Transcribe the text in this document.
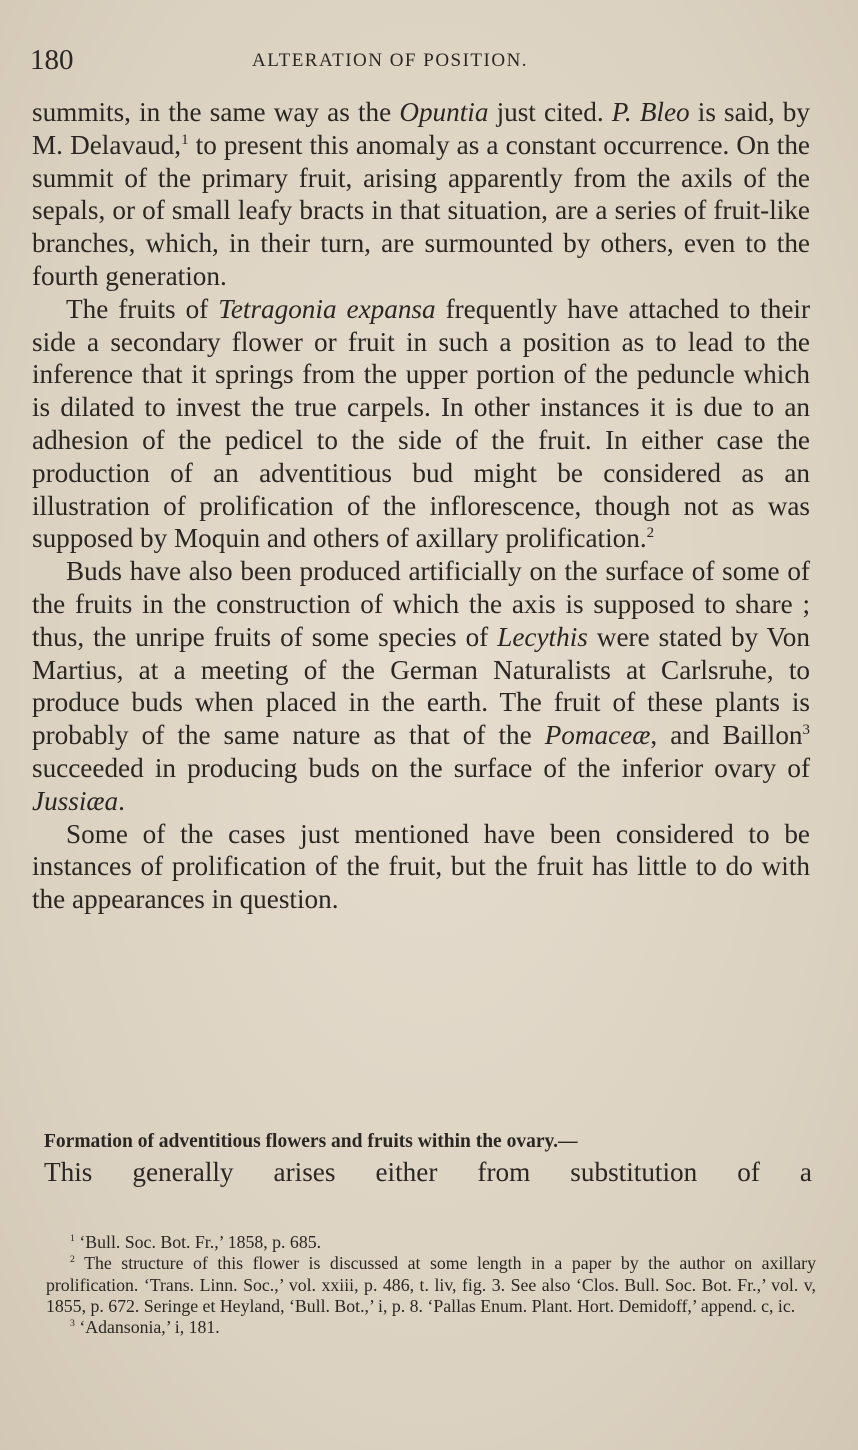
180	ALTERATION OF POSITION.

summits, in the same way as the Opuntia just cited. P. Bleo is said, by M. Delavaud,$^1$ to present this anomaly as a constant occurrence. On the summit of the primary fruit, arising apparently from the axils of the sepals, or of small leafy bracts in that situation, are a series of fruit-like branches, which, in their turn, are surmounted by others, even to the fourth generation.

The fruits of Tetragonia expansa frequently have attached to their side a secondary flower or fruit in such a position as to lead to the inference that it springs from the upper portion of the peduncle which is dilated to invest the true carpels. In other instances it is due to an adhesion of the pedicel to the side of the fruit. In either case the production of an adventitious bud might be considered as an illustration of prolification of the inflorescence, though not as was supposed by Moquin and others of axillary prolification.$^2$

Buds have also been produced artificially on the surface of some of the fruits in the construction of which the axis is supposed to share ; thus, the unripe fruits of some species of Lecythis were stated by Von Martius, at a meeting of the German Naturalists at Carlsruhe, to produce buds when placed in the earth. The fruit of these plants is probably of the same nature as that of the Pomaceæ, and Baillon$^3$ succeeded in producing buds on the surface of the inferior ovary of Jussiæa.

Some of the cases just mentioned have been considered to be instances of prolification of the fruit, but the fruit has little to do with the appearances in question.

Formation of adventitious flowers and fruits within the ovary.—
This generally arises either from substitution of a

$^1$ ‘Bull. Soc. Bot. Fr.,’ 1858, p. 685.

$^2$ The structure of this flower is discussed at some length in a paper by the author on axillary prolification. ‘Trans. Linn. Soc.,’ vol. xxiii, p. 486, t. liv, fig. 3. See also ‘Clos. Bull. Soc. Bot. Fr.,’ vol. v, 1855, p. 672. Seringe et Heyland, ‘Bull. Bot.,’ i, p. 8. ‘Pallas Enum. Plant. Hort. Demidoff,’ append. c, ic.

$^3$ ‘Adansonia,’ i, 181.
